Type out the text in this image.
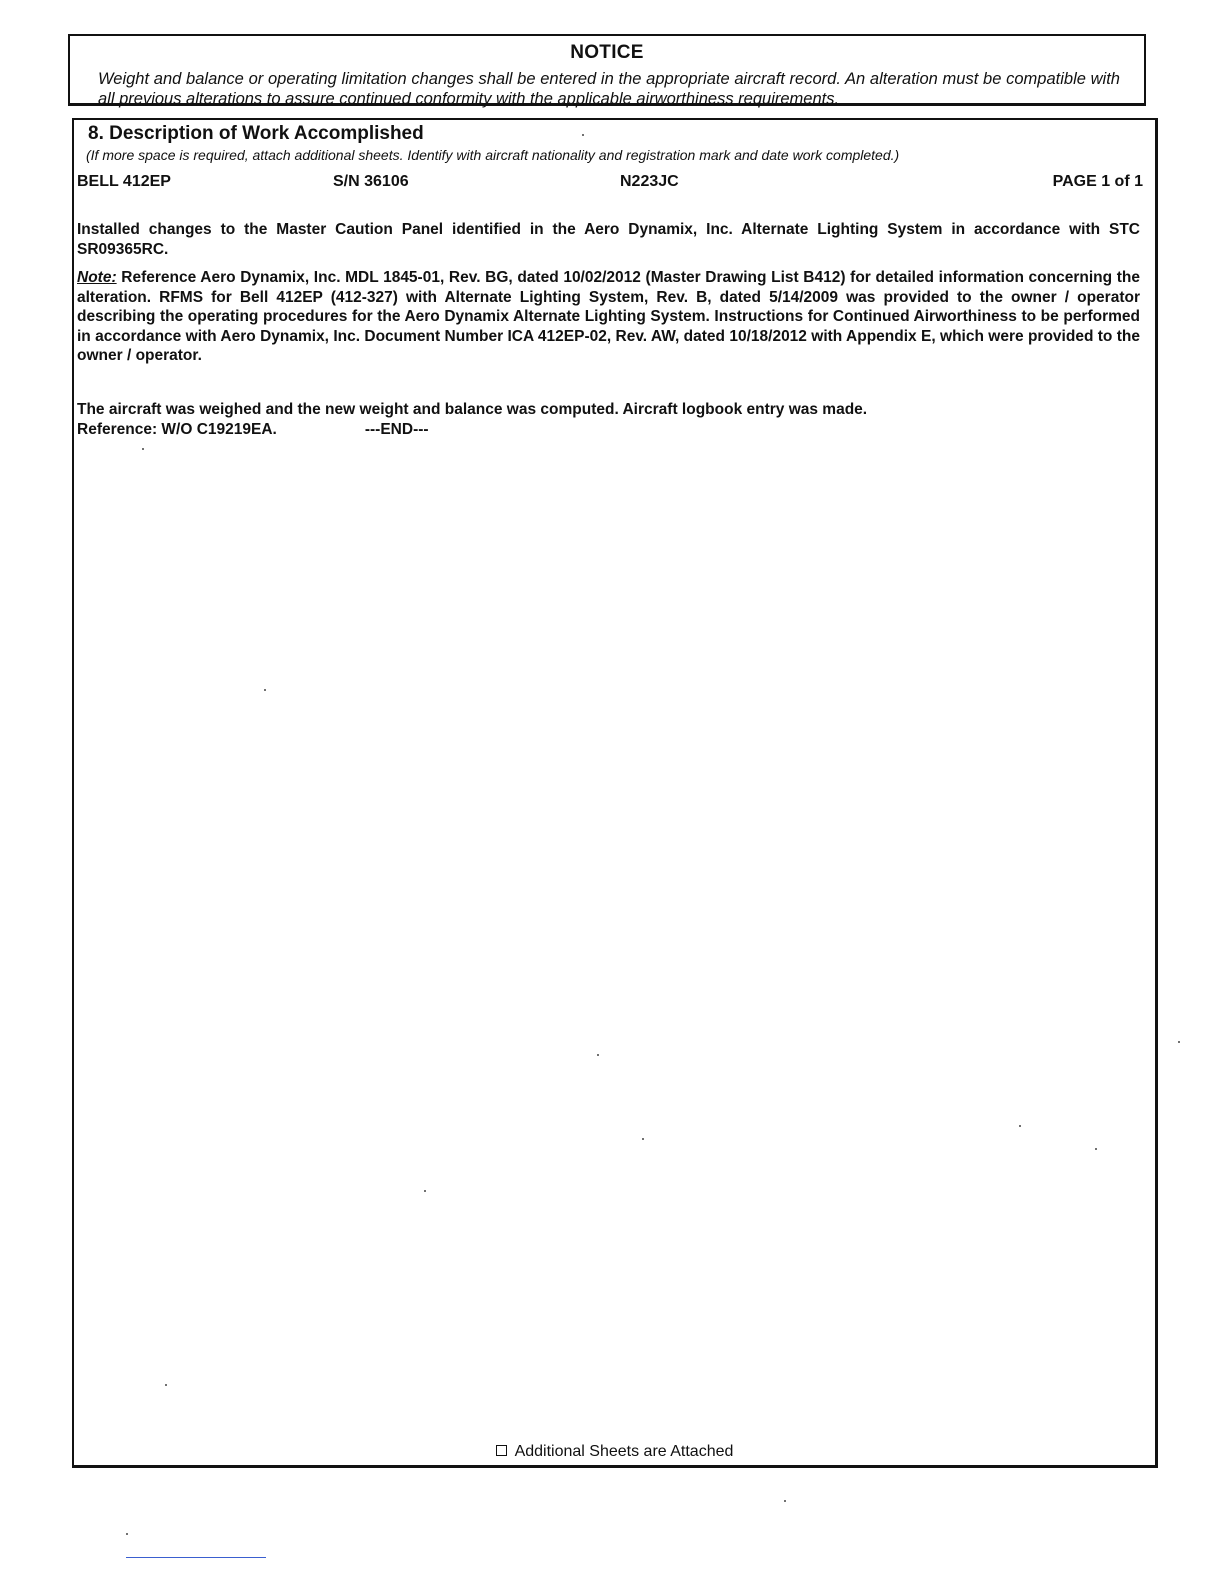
NOTICE
Weight and balance or operating limitation changes shall be entered in the appropriate aircraft record. An alteration must be compatible with all previous alterations to assure continued conformity with the applicable airworthiness requirements.
8. Description of Work Accomplished
(If more space is required, attach additional sheets. Identify with aircraft nationality and registration mark and date work completed.)
BELL 412EP	S/N 36106	N223JC	PAGE 1 of 1
Installed changes to the Master Caution Panel identified in the Aero Dynamix, Inc. Alternate Lighting System in accordance with STC SR09365RC.
Note: Reference Aero Dynamix, Inc. MDL 1845-01, Rev. BG, dated 10/02/2012 (Master Drawing List B412) for detailed information concerning the alteration. RFMS for Bell 412EP (412-327) with Alternate Lighting System, Rev. B, dated 5/14/2009 was provided to the owner / operator describing the operating procedures for the Aero Dynamix Alternate Lighting System. Instructions for Continued Airworthiness to be performed in accordance with Aero Dynamix, Inc. Document Number ICA 412EP-02, Rev. AW, dated 10/18/2012 with Appendix E, which were provided to the owner / operator.
The aircraft was weighed and the new weight and balance was computed. Aircraft logbook entry was made.
Reference: W/O C19219EA.	---END---
Additional Sheets are Attached
